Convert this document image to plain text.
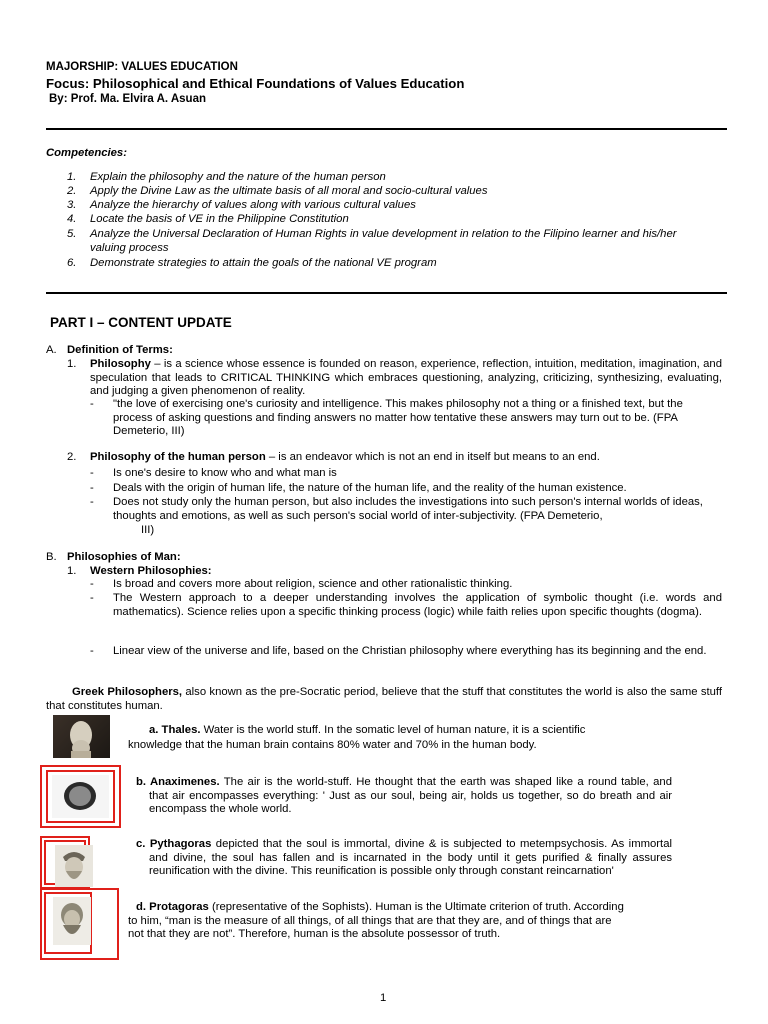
MAJORSHIP: VALUES EDUCATION
Focus: Philosophical and Ethical Foundations of Values Education
By: Prof. Ma. Elvira A. Asuan
Competencies:
1. Explain the philosophy and the nature of the human person
2. Apply the Divine Law as the ultimate basis of all moral and socio-cultural values
3. Analyze the hierarchy of values along with various cultural values
4. Locate the basis of VE in the Philippine Constitution
5. Analyze the Universal Declaration of Human Rights in value development in relation to the Filipino learner and his/her valuing process
6. Demonstrate strategies to attain the goals of the national VE program
PART I – CONTENT UPDATE
A. Definition of Terms:
1. Philosophy – is a science whose essence is founded on reason, experience, reflection, intuition, meditation, imagination, and speculation that leads to CRITICAL THINKING which embraces questioning, analyzing, criticizing, synthesizing, evaluating, and judging a given phenomenon of reality.
- "the love of exercising one's curiosity and intelligence. This makes philosophy not a thing or a finished text, but the process of asking questions and finding answers no matter how tentative these answers may turn out to be. (FPA Demeterio, III)
2. Philosophy of the human person – is an endeavor which is not an end in itself but means to an end.
- Is one's desire to know who and what man is
- Deals with the origin of human life, the nature of the human life, and the reality of the human existence.
- Does not study only the human person, but also includes the investigations into such person's internal worlds of ideas, thoughts and emotions, as well as such person's social world of inter-subjectivity. (FPA Demeterio,
III)
B. Philosophies of Man:
1. Western Philosophies:
- Is broad and covers more about religion, science and other rationalistic thinking.
- The Western approach to a deeper understanding involves the application of symbolic thought (i.e. words and mathematics). Science relies upon a specific thinking process (logic) while faith relies upon specific thoughts (dogma).
- Linear view of the universe and life, based on the Christian philosophy where everything has its beginning and the end.
Greek Philosophers, also known as the pre-Socratic period, believe that the stuff that constitutes the world is also the same stuff that constitutes human.
a. Thales. Water is the world stuff. In the somatic level of human nature, it is a scientific knowledge that the human brain contains 80% water and 70% in the human body.
b. Anaximenes. The air is the world-stuff. He thought that the earth was shaped like a round table, and that air encompasses everything: ' Just as our soul, being air, holds us together, so do breath and air encompass the whole world.
c. Pythagoras depicted that the soul is immortal, divine & is subjected to metempsychosis. As immortal and divine, the soul has fallen and is incarnated in the body until it gets purified & finally assures reunification with the divine. This reunification is possible only through constant reincarnation'
d. Protagoras (representative of the Sophists). Human is the Ultimate criterion of truth. According to him, “man is the measure of all things, of all things that are that they are, and of things that are not that they are not”. Therefore, human is the absolute possessor of truth.
1
